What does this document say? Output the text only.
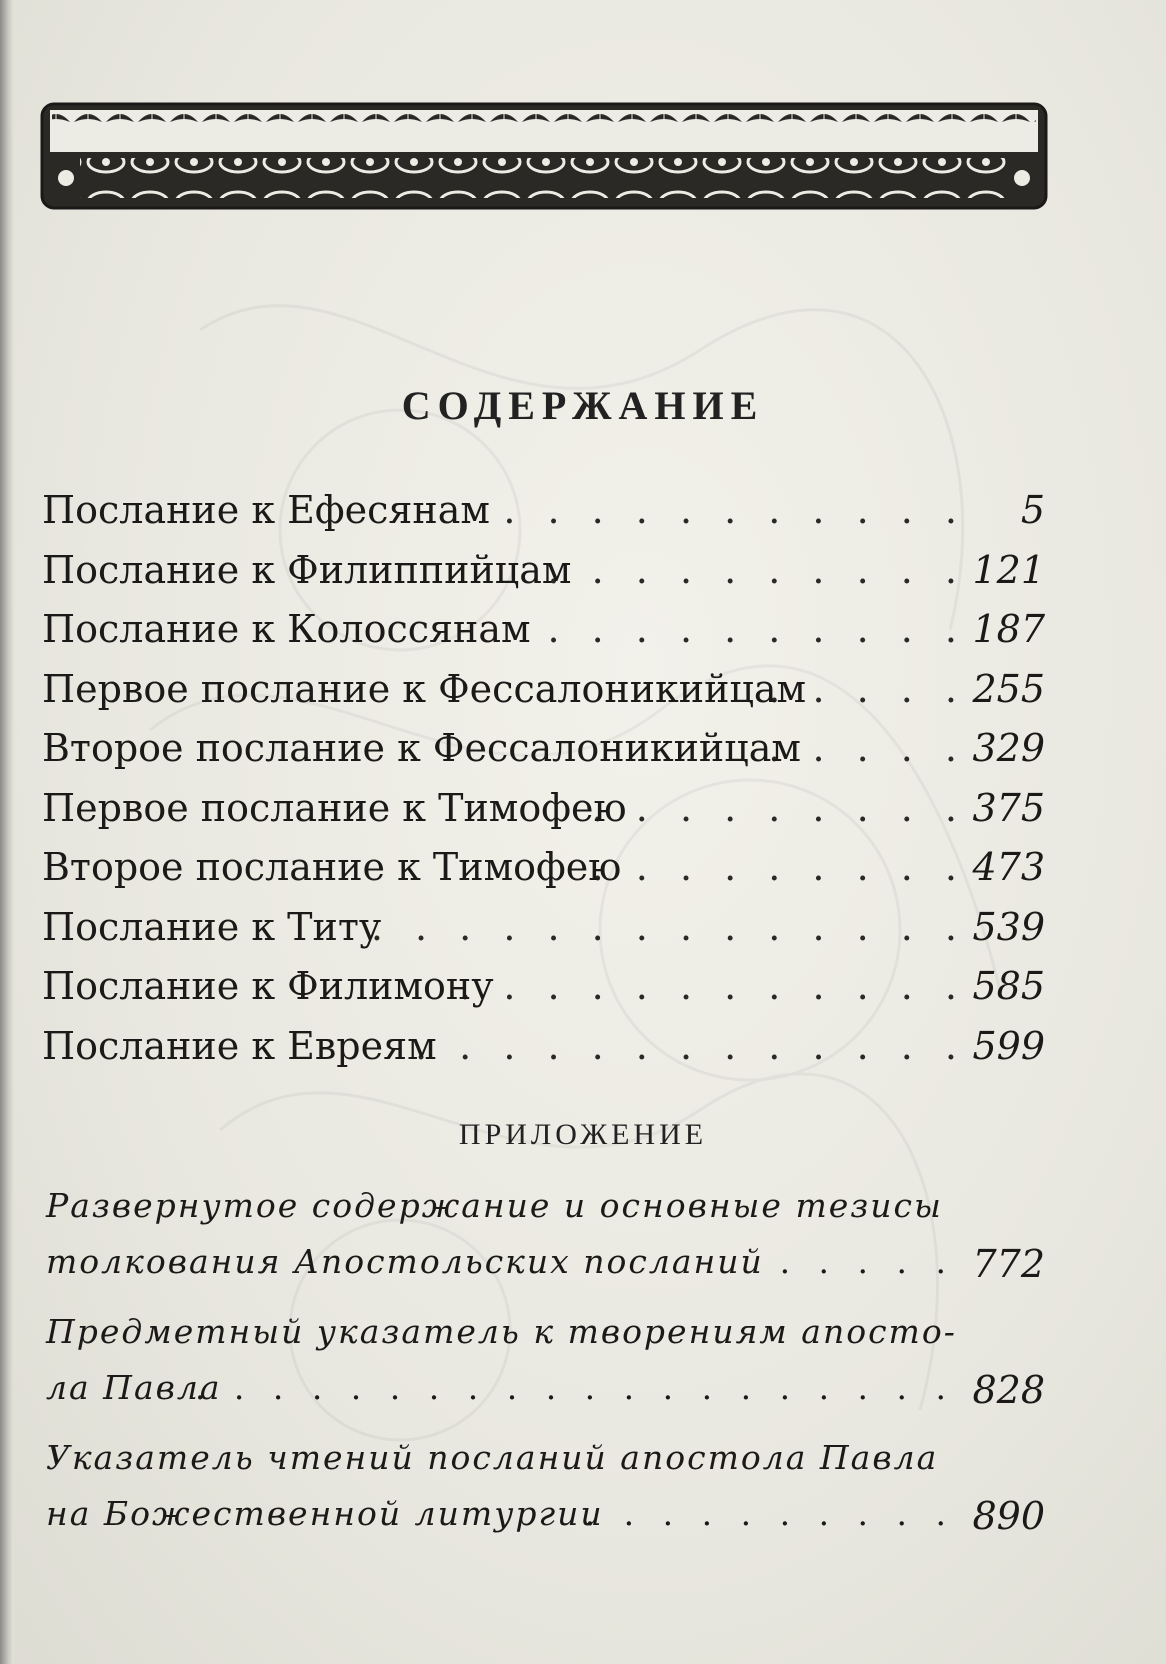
СОДЕРЖАНИЕ
. . . . . . . . . . .
Послание к Ефесянам	5
. . . . . . . . . .
Послание к Филиппийцам	121
. . . . . . . . . .
Послание к Колоссянам	187
. . . . .
Первое послание к Фессалоникийцам	255
. . . . .
Второе послание к Фессалоникийцам	329
. . . . . . . . .
Первое послание к Тимофею	375
. . . . . . . . .
Второе послание к Тимофею	473
. . . . . . . . . . . . . .
Послание к Титу	539
. . . . . . . . . . . .
Послание к Филимону	585
. . . . . . . . . . . . .
Послание к Евреям	599
ПРИЛОЖЕНИЕ
Развернутое содержание и основные тезисы
толкования Апостольских посланий . . . . . 772
Предметный указатель к творениям апосто-
ла Павла
. . . . . . . . . . . . . . . . . . . . 828
Указатель чтений посланий апостола Павла
на Божественной литургии
. . . . . . . . . . 890
